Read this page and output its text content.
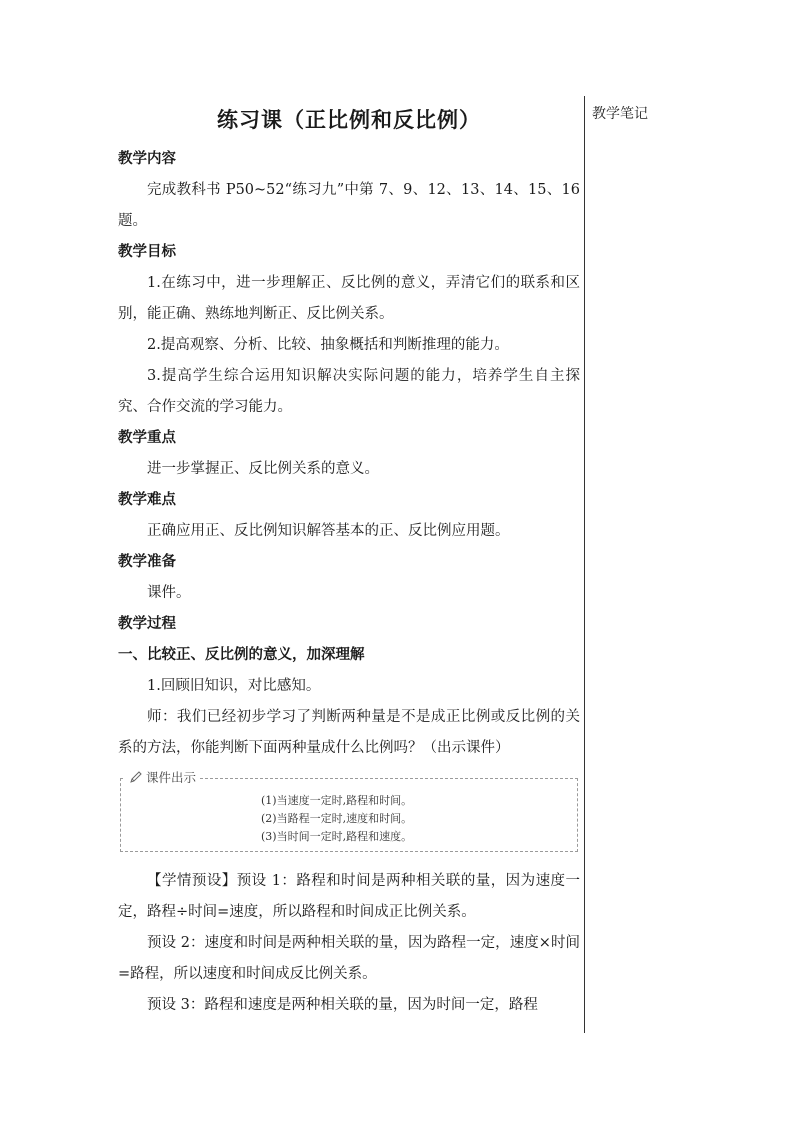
教学笔记
练习课（正比例和反比例）

教学内容

完成教科书 P50~52“练习九”中第 7、9、12、13、14、15、16 题。

教学目标

1.在练习中，进一步理解正、反比例的意义，弄清它们的联系和区别，能正确、熟练地判断正、反比例关系。

2.提高观察、分析、比较、抽象概括和判断推理的能力。

3.提高学生综合运用知识解决实际问题的能力，培养学生自主探究、合作交流的学习能力。

教学重点

进一步掌握正、反比例关系的意义。

教学难点

正确应用正、反比例知识解答基本的正、反比例应用题。

教学准备

课件。

教学过程

一、比较正、反比例的意义，加深理解

1.回顾旧知识，对比感知。

师：我们已经初步学习了判断两种量是不是成正比例或反比例的关系的方法，你能判断下面两种量成什么比例吗？（出示课件）

课件出示
(1)当速度一定时,路程和时间。
(2)当路程一定时,速度和时间。
(3)当时间一定时,路程和速度。

【学情预设】预设 1：路程和时间是两种相关联的量，因为速度一定，路程÷时间=速度，所以路程和时间成正比例关系。

预设 2：速度和时间是两种相关联的量，因为路程一定，速度×时间=路程，所以速度和时间成反比例关系。

预设 3：路程和速度是两种相关联的量，因为时间一定，路程
